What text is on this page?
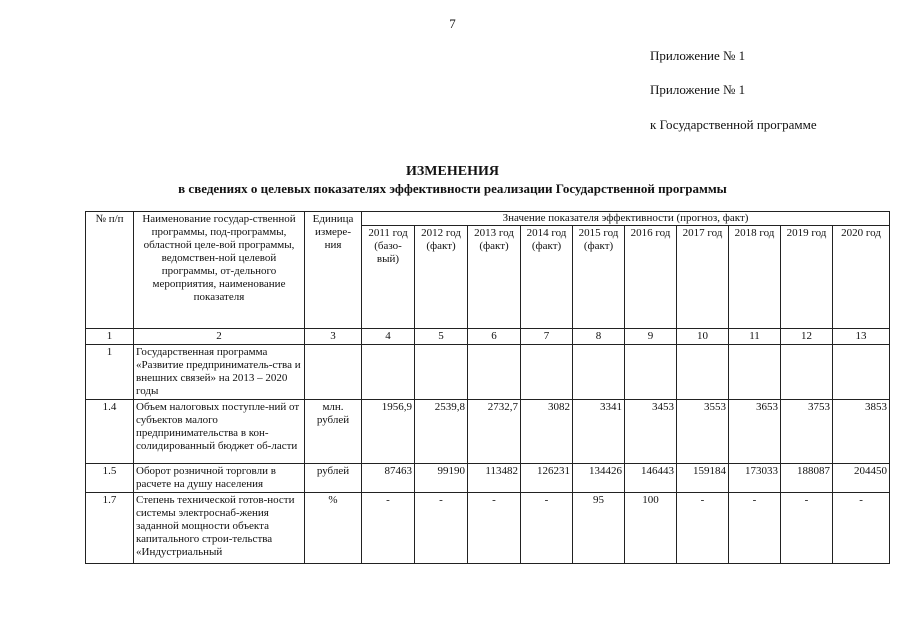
7
Приложение № 1
Приложение № 1
к Государственной программе
ИЗМЕНЕНИЯ
в сведениях о целевых показателях эффективности реализации Государственной программы
№ п/п	Наименование государ-ственной программы, под-программы, областной целе-вой программы, ведомствен-ной целевой программы, от-дельного мероприятия, наименование показателя	Единица измере-ния	Значение показателя эффективности (прогноз, факт)									
			2011 год (базо-вый)	2012 год (факт)	2013 год (факт)	2014 год (факт)	2015 год (факт)	2016 год	2017 год	2018 год	2019 год	2020 год
1	2	3	4	5	6	7	8	9	10	11	12	13
1	Государственная программа «Развитие предприниматель-ства и внешних связей» на 2013 – 2020 годы											
1.4	Объем налоговых поступле-ний от субъектов малого предпринимательства в кон-солидированный бюджет об-ласти	млн. рублей	1956,9	2539,8	2732,7	3082	3341	3453	3553	3653	3753	3853
1.5	Оборот розничной торговли в расчете на душу населения	рублей	87463	99190	113482	126231	134426	146443	159184	173033	188087	204450
1.7	Степень технической готов-ности системы электроснаб-жения заданной мощности объекта капитального строи-тельства «Индустриальный	%	-	-	-	-	95	100	-	-	-	-
